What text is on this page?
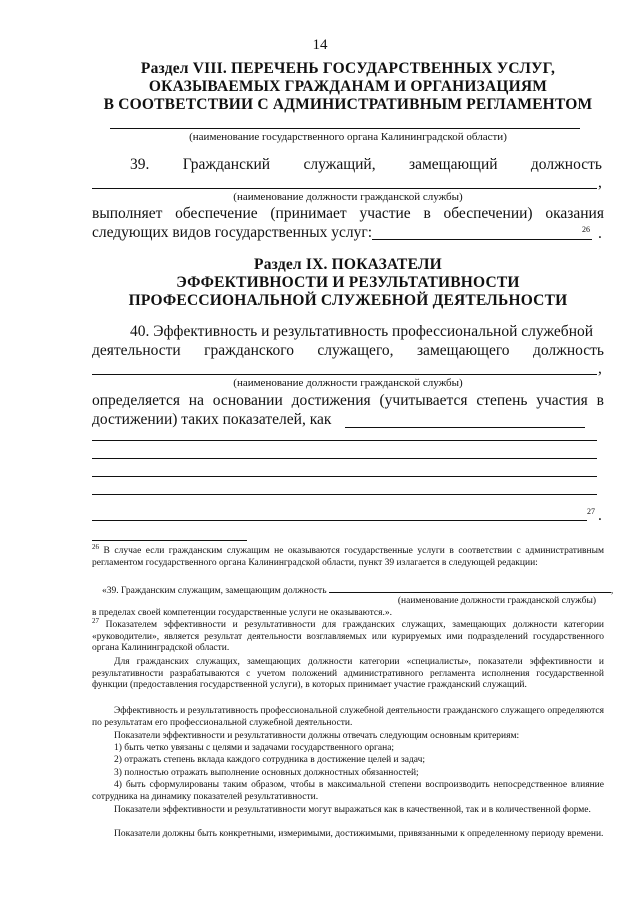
14
Раздел VIII. ПЕРЕЧЕНЬ ГОСУДАРСТВЕННЫХ УСЛУГ,
ОКАЗЫВАЕМЫХ ГРАЖДАНАМ И ОРГАНИЗАЦИЯМ
В СООТВЕТСТВИИ С АДМИНИСТРАТИВНЫМ РЕГЛАМЕНТОМ
(наименование государственного органа Калининградской области)
39. Гражданский служащий, замещающий должность
,
(наименование должности гражданской службы)
выполняет обеспечение (принимает участие в обеспечении) оказания
следующих видов государственных услуг:	26 .
Раздел IX. ПОКАЗАТЕЛИ
ЭФФЕКТИВНОСТИ И РЕЗУЛЬТАТИВНОСТИ
ПРОФЕССИОНАЛЬНОЙ СЛУЖЕБНОЙ ДЕЯТЕЛЬНОСТИ
40. Эффективность и результативность профессиональной служебной
деятельности гражданского служащего, замещающего должность
,
(наименование должности гражданской службы)
определяется на основании достижения (учитывается степень участия в
достижении) таких показателей, как
27 .
$^{26}$ В случае если гражданским служащим не оказываются государственные услуги в соответствии с административным регламентом государственного органа Калининградской области, пункт 39 излагается в следующей редакции:
«39. Гражданским служащим, замещающим должность	,
(наименование должности гражданской службы)
в пределах своей компетенции государственные услуги не оказываются.».
$^{27}$ Показателем эффективности и результативности для гражданских служащих, замещающих должности категории «руководители», является результат деятельности возглавляемых или курируемых ими подразделений государственного органа Калининградской области.
Для гражданских служащих, замещающих должности категории «специалисты», показатели эффективности и результативности разрабатываются с учетом положений административного регламента исполнения государственной функции (предоставления государственной услуги), в которых принимает участие гражданский служащий.
Эффективность и результативность профессиональной служебной деятельности гражданского служащего определяются по результатам его профессиональной служебной деятельности.
Показатели эффективности и результативности должны отвечать следующим основным критериям:
1) быть четко увязаны с целями и задачами государственного органа;
2) отражать степень вклада каждого сотрудника в достижение целей и задач;
3) полностью отражать выполнение основных должностных обязанностей;
4) быть сформулированы таким образом, чтобы в максимальной степени воспроизводить непосредственное влияние сотрудника на динамику показателей результативности.
Показатели эффективности и результативности могут выражаться как в качественной, так и в количественной форме.
Показатели должны быть конкретными, измеримыми, достижимыми, привязанными к определенному периоду времени.
